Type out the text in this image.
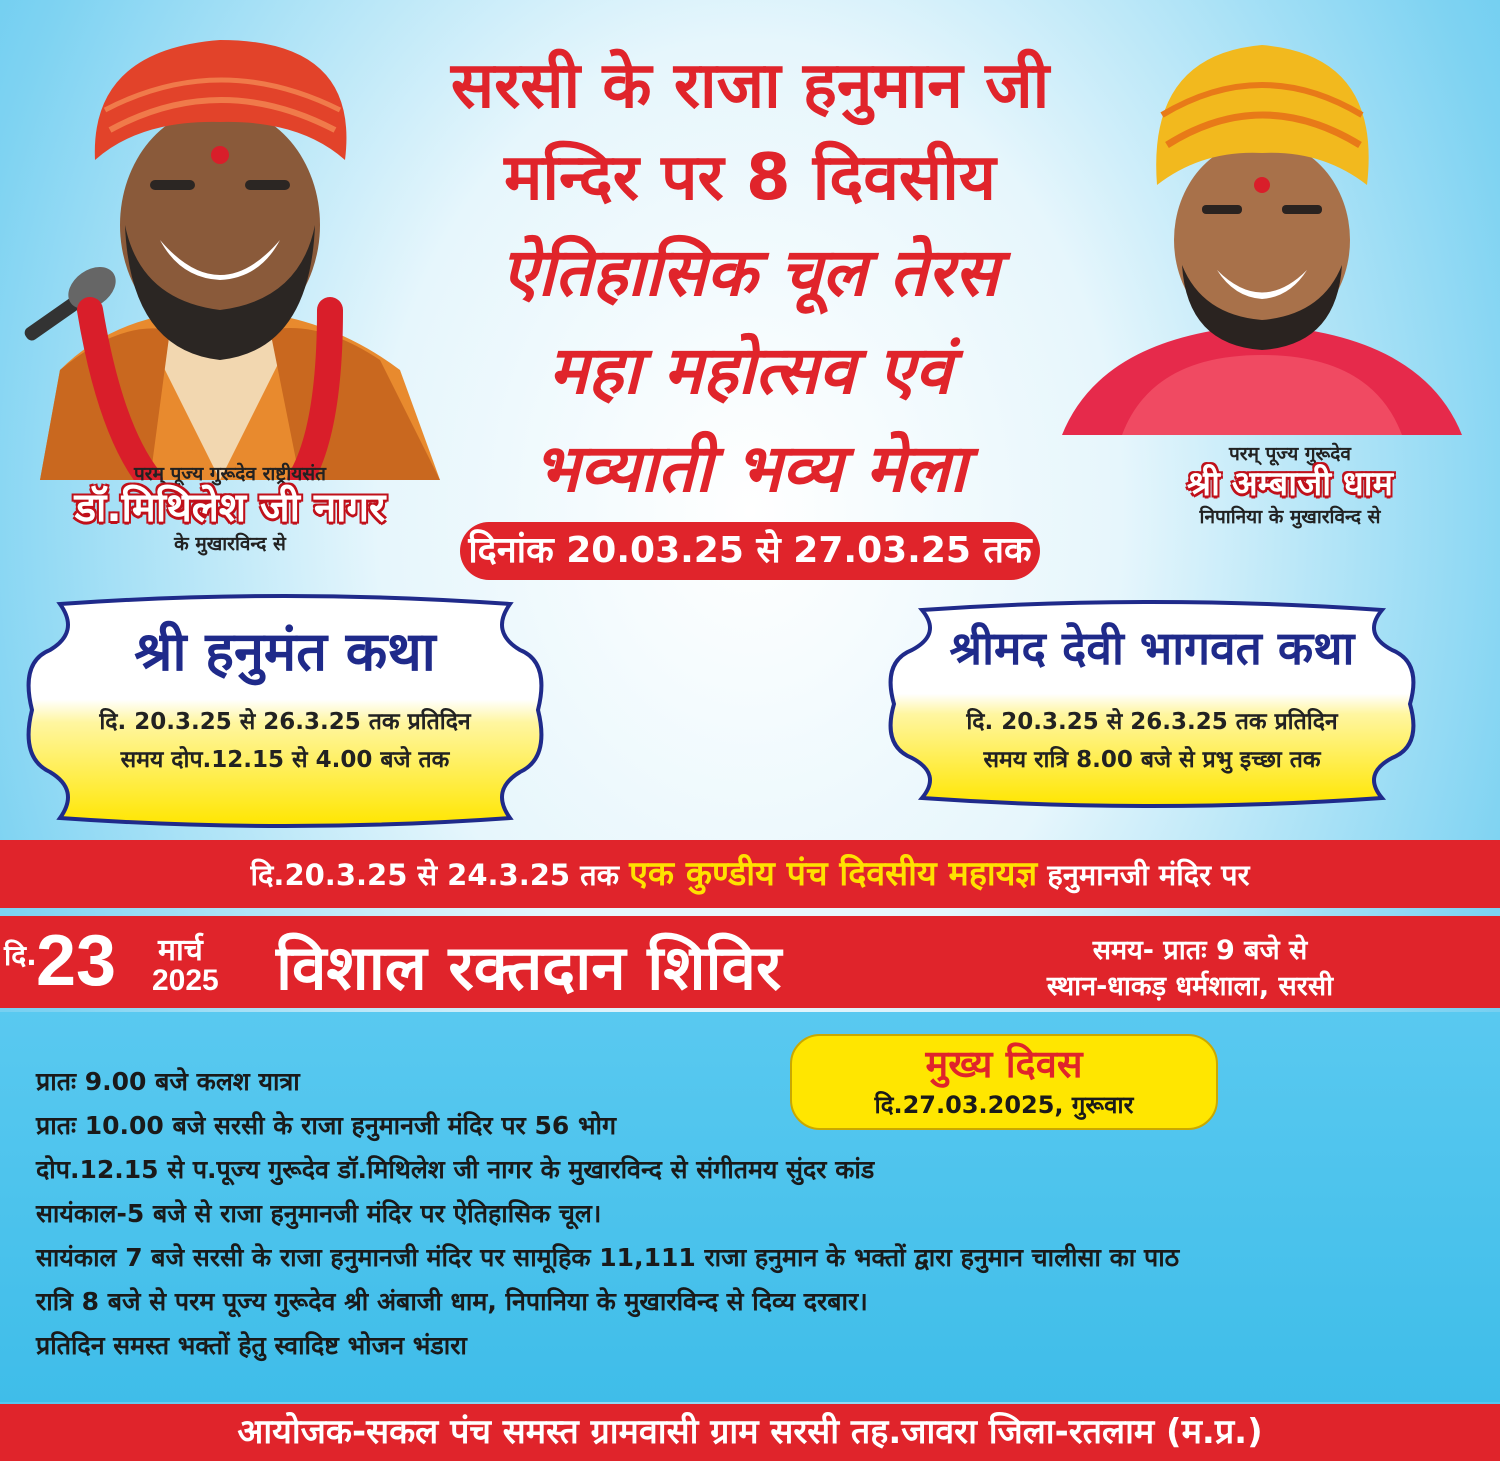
परम् पूज्य गुरूदेव राष्ट्रीयसंत
डॉ.मिथिलेश जी नागर
के मुखारविन्द से
परम् पूज्य गुरूदेव
श्री अम्बाजी धाम
निपानिया के मुखारविन्द से
सरसी के राजा हनुमान जी
मन्दिर पर 8 दिवसीय
ऐतिहासिक चूल तेरस
महा महोत्सव एवं
भव्याती भव्य मेला
दिनांक 20.03.25 से 27.03.25 तक
श्री हनुमंत कथा
दि. 20.3.25 से 26.3.25 तक प्रतिदिन
समय दोप.12.15 से 4.00 बजे तक
श्रीमद देवी भागवत कथा
दि. 20.3.25 से 26.3.25 तक प्रतिदिन
समय रात्रि 8.00 बजे से प्रभु इच्छा तक
दि.20.3.25 से 24.3.25 तक एक कुण्डीय पंच दिवसीय महायज्ञ हनुमानजी मंदिर पर
दि. 23 मार्च
2025 विशाल रक्तदान शिविर	समय- प्रातः 9 बजे से
स्थान-धाकड़ धर्मशाला, सरसी
मुख्य दिवस
दि.27.03.2025, गुरूवार
प्रातः 9.00 बजे कलश यात्रा
प्रातः 10.00 बजे सरसी के राजा हनुमानजी मंदिर पर 56 भोग
दोप.12.15 से प.पूज्य गुरूदेव डॉ.मिथिलेश जी नागर के मुखारविन्द से संगीतमय सुंदर कांड
सायंकाल-5 बजे से राजा हनुमानजी मंदिर पर ऐतिहासिक चूल।
सायंकाल 7 बजे सरसी के राजा हनुमानजी मंदिर पर सामूहिक 11,111 राजा हनुमान के भक्तों द्वारा हनुमान चालीसा का पाठ
रात्रि 8 बजे से परम पूज्य गुरूदेव श्री अंबाजी धाम, निपानिया के मुखारविन्द से दिव्य दरबार।
प्रतिदिन समस्त भक्तों हेतु स्वादिष्ट भोजन भंडारा
आयोजक-सकल पंच समस्त ग्रामवासी ग्राम सरसी तह.जावरा जिला-रतलाम (म.प्र.)
